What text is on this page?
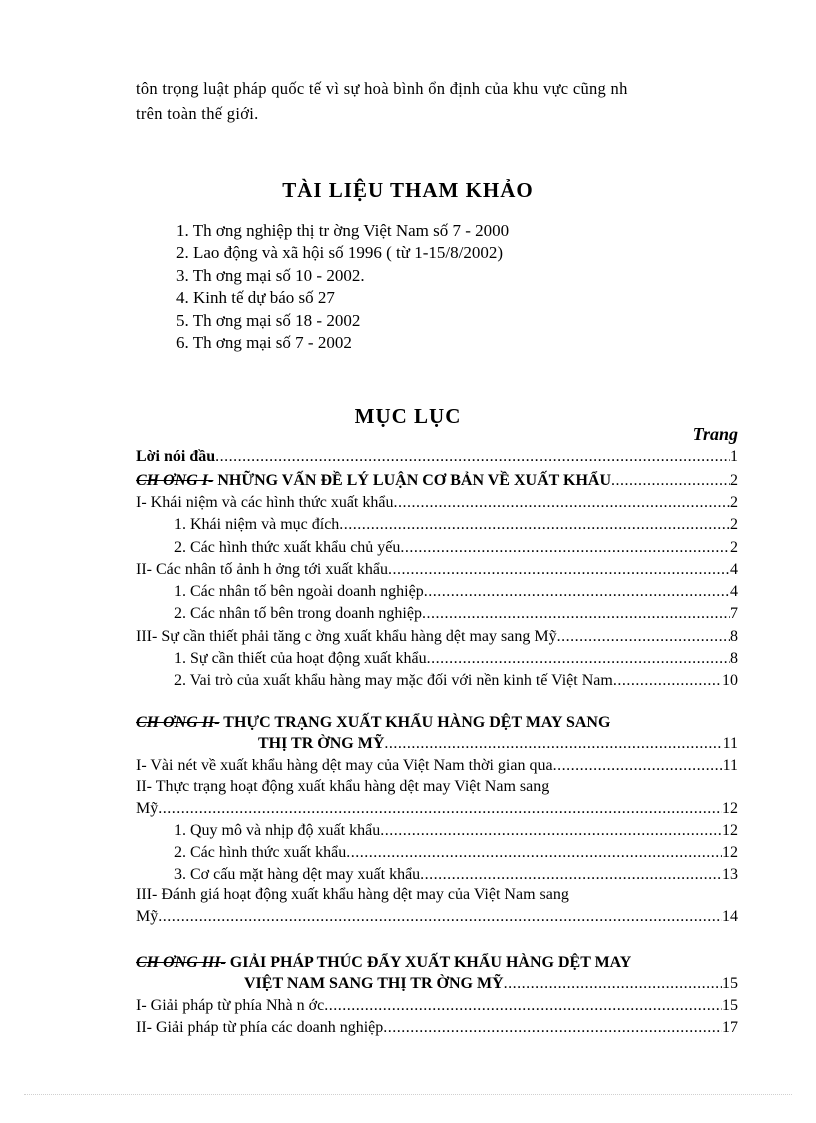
tôn trọng luật pháp quốc tế vì sự hoà bình ổn định của khu vực cũng nh
trên toàn thế giới.
TÀI LIỆU THAM KHẢO
1. Th ơng nghiệp thị tr ờng Việt Nam số 7 - 2000
2. Lao động và xã hội số 1996 ( từ 1-15/8/2002)
3. Th ơng mại số 10 - 2002.
4. Kinh tế dự báo số 27
5. Th ơng mại số 18 - 2002
6. Th ơng mại số 7 - 2002
MỤC LỤC
Trang
Lời nói đầu .....	1
CH ƠNG I- NHỮNG VẤN ĐỀ LÝ LUẬN CƠ BẢN VỀ XUẤT KHẨU .....	2
I- Khái niệm và các hình thức xuất khẩu .....	2
1. Khái niệm và mục đích .....	2
2. Các hình thức xuất khẩu chủ yếu .....	2
II- Các nhân tố ảnh h ởng tới xuất khẩu .....	4
1. Các nhân tố bên ngoài doanh nghiệp .....	4
2. Các nhân tố bên trong doanh nghiệp .....	7
III- Sự cần thiết phải tăng c ờng xuất khẩu hàng dệt may sang Mỹ .....	8
1. Sự cần thiết của hoạt động xuất khẩu .....	8
2. Vai trò của xuất khẩu hàng may mặc đối với nền kinh tế Việt Nam .....	10
CH ƠNG II- THỰC TRẠNG XUẤT KHẨU HÀNG DỆT MAY SANG
THỊ TR ỜNG MỸ .....	11
I- Vài nét về xuất khẩu hàng dệt may của Việt Nam thời gian qua .....	11
II- Thực trạng hoạt động xuất khẩu hàng dệt may Việt Nam sang
Mỹ .....	12
1. Quy mô và nhịp độ xuất khẩu .....	12
2. Các hình thức xuất khẩu .....	12
3. Cơ cấu mặt hàng dệt may xuất khẩu .....	13
III- Đánh giá hoạt động xuất khẩu hàng dệt may của Việt Nam sang
Mỹ .....	14
CH ƠNG III- GIẢI PHÁP THÚC ĐẨY XUẤT KHẨU HÀNG DỆT MAY
VIỆT NAM SANG THỊ TR ỜNG MỸ .....	15
I- Giải pháp từ phía Nhà n ớc .....	15
II- Giải pháp từ phía các doanh nghiệp .....	17
